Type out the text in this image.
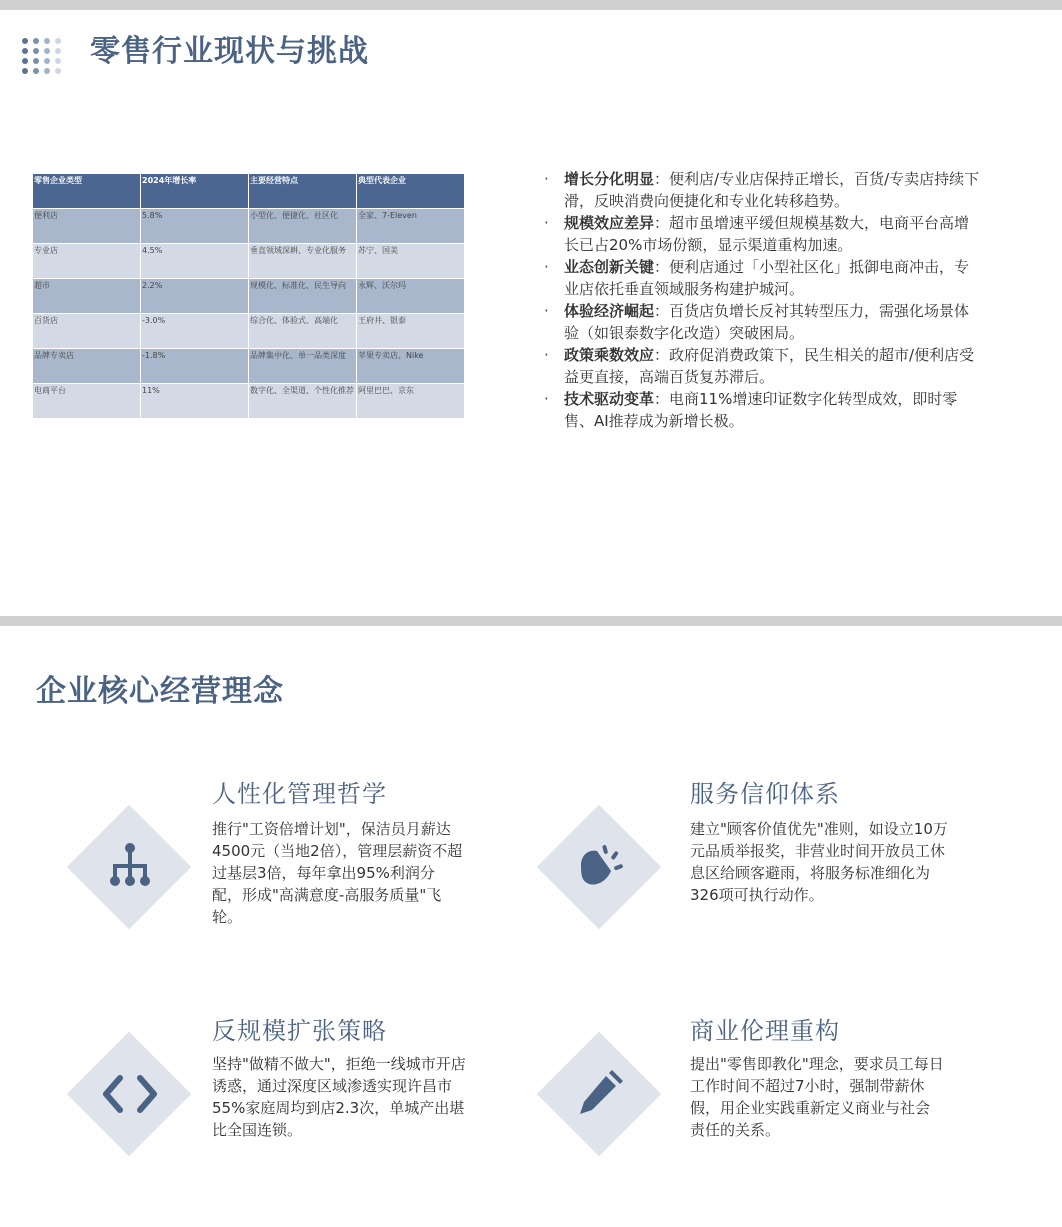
零售行业现状与挑战
零售企业类型	2024年增长率	主要经营特点	典型代表企业
便利店	5.8%	小型化、便捷化、社区化	全家、7-Eleven
专业店	4.5%	垂直领域深耕、专业化服务	苏宁、国美
超市	2.2%	规模化、标准化、民生导向	永辉、沃尔玛
百货店	-3.0%	综合化、体验式、高端化	王府井、银泰
品牌专卖店	-1.8%	品牌集中化、单一品类深度	苹果专卖店、Nike
电商平台	11%	数字化、全渠道、个性化推荐	阿里巴巴、京东
· 增长分化明显：便利店/专业店保持正增长，百货/专卖店持续下滑，反映消费向便捷化和专业化转移趋势。
· 规模效应差异：超市虽增速平缓但规模基数大，电商平台高增长已占20%市场份额，显示渠道重构加速。
· 业态创新关键：便利店通过「小型社区化」抵御电商冲击，专业店依托垂直领域服务构建护城河。
· 体验经济崛起：百货店负增长反衬其转型压力，需强化场景体验（如银泰数字化改造）突破困局。
· 政策乘数效应：政府促消费政策下，民生相关的超市/便利店受益更直接，高端百货复苏滞后。
· 技术驱动变革：电商11%增速印证数字化转型成效，即时零售、AI推荐成为新增长极。
企业核心经营理念
人性化管理哲学
推行"工资倍增计划"，保洁员月薪达4500元（当地2倍），管理层薪资不超过基层3倍，每年拿出95%利润分配，形成"高满意度-高服务质量"飞轮。
服务信仰体系
建立"顾客价值优先"准则，如设立10万元品质举报奖，非营业时间开放员工休息区给顾客避雨，将服务标准细化为326项可执行动作。
反规模扩张策略
坚持"做精不做大"，拒绝一线城市开店诱惑，通过深度区域渗透实现许昌市55%家庭周均到店2.3次，单城产出堪比全国连锁。
商业伦理重构
提出"零售即教化"理念，要求员工每日工作时间不超过7小时，强制带薪休假，用企业实践重新定义商业与社会责任的关系。
